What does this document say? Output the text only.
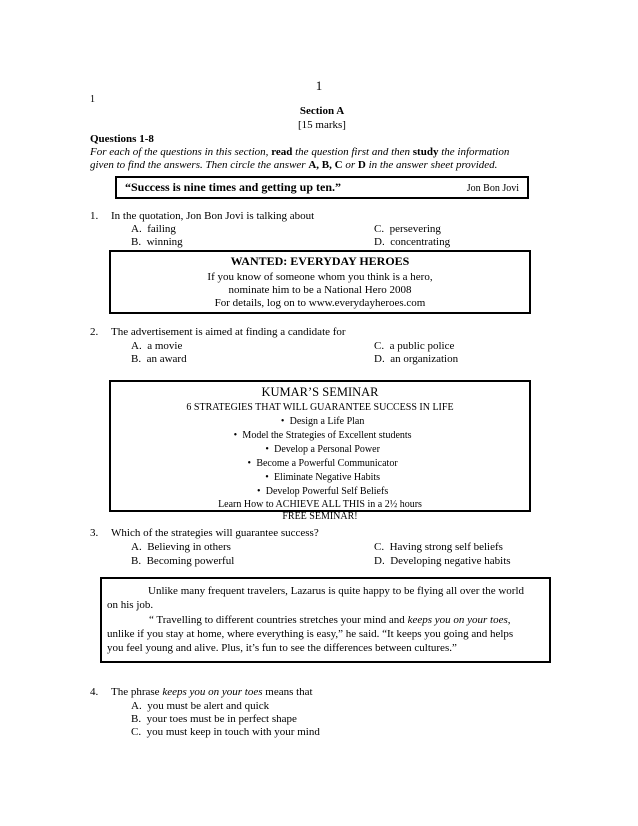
1
1
Section A
[15 marks]
Questions 1-8
For each of the questions in this section, read the question first and then study the information
given to find the answers. Then circle the answer A, B, C or D in the answer sheet provided.
“Success is nine times and getting up ten.”	Jon Bon Jovi
1. In the quotation, Jon Bon Jovi is talking about
A. failing
B. winning
C. persevering
D. concentrating
WANTED: EVERYDAY HEROES
If you know of someone whom you think is a hero,
nominate him to be a National Hero 2008
For details, log on to www.everydayheroes.com
2. The advertisement is aimed at finding a candidate for
A. a movie
B. an award
C. a public police
D. an organization
KUMAR’S SEMINAR
6 STRATEGIES THAT WILL GUARANTEE SUCCESS IN LIFE
• Design a Life Plan
• Model the Strategies of Excellent students
• Develop a Personal Power
• Become a Powerful Communicator
• Eliminate Negative Habits
• Develop Powerful Self Beliefs
Learn How to ACHIEVE ALL THIS in a 2½ hours
FREE SEMINAR!
3. Which of the strategies will guarantee success?
A. Believing in others
B. Becoming powerful
C. Having strong self beliefs
D. Developing negative habits
Unlike many frequent travelers, Lazarus is quite happy to be flying all over the world
on his job.
“ Travelling to different countries stretches your mind and keeps you on your toes,
unlike if you stay at home, where everything is easy,” he said. “It keeps you going and helps
you feel young and alive. Plus, it’s fun to see the differences between cultures.”
4. The phrase keeps you on your toes means that
A. you must be alert and quick
B. your toes must be in perfect shape
C. you must keep in touch with your mind
